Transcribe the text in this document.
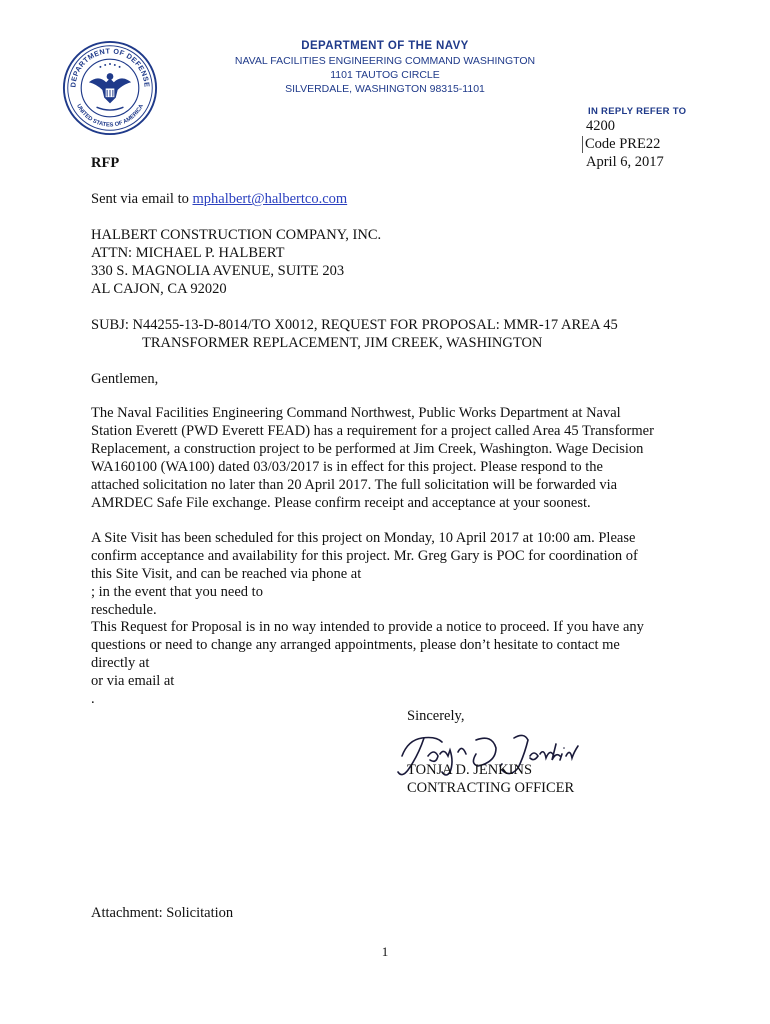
DEPARTMENT OF DEFENSE
UNITED STATES OF AMERICA
DEPARTMENT OF THE NAVY
NAVAL FACILITIES ENGINEERING COMMAND WASHINGTON
1101 TAUTOG CIRCLE
SILVERDALE, WASHINGTON 98315-1101
IN REPLY REFER TO
4200
Code PRE22
April 6, 2017
RFP
Sent via email to mphalbert@halbertco.com
HALBERT CONSTRUCTION COMPANY, INC.
ATTN: MICHAEL P. HALBERT
330 S. MAGNOLIA AVENUE, SUITE 203
AL CAJON, CA 92020
SUBJ: N44255-13-D-8014/TO X0012, REQUEST FOR PROPOSAL: MMR-17 AREA 45
TRANSFORMER REPLACEMENT, JIM CREEK, WASHINGTON
Gentlemen,
The Naval Facilities Engineering Command Northwest, Public Works Department at Naval
Station Everett (PWD Everett FEAD) has a requirement for a project called Area 45 Transformer
Replacement, a construction project to be performed at Jim Creek, Washington. Wage Decision
WA160100 (WA100) dated 03/03/2017 is in effect for this project. Please respond to the
attached solicitation no later than 20 April 2017. The full solicitation will be forwarded via
AMRDEC Safe File exchange. Please confirm receipt and acceptance at your soonest.
A Site Visit has been scheduled for this project on Monday, 10 April 2017 at 10:00 am. Please
confirm acceptance and availability for this project. Mr. Greg Gary is POC for coordination of
this Site Visit, and can be reached via phone at
; in the event that you need to
reschedule.
This Request for Proposal is in no way intended to provide a notice to proceed. If you have any
questions or need to change any arranged appointments, please don’t hesitate to contact me
directly at
or via email at
.
Sincerely,
TONJA D. JENKINS
CONTRACTING OFFICER
Attachment: Solicitation
1
